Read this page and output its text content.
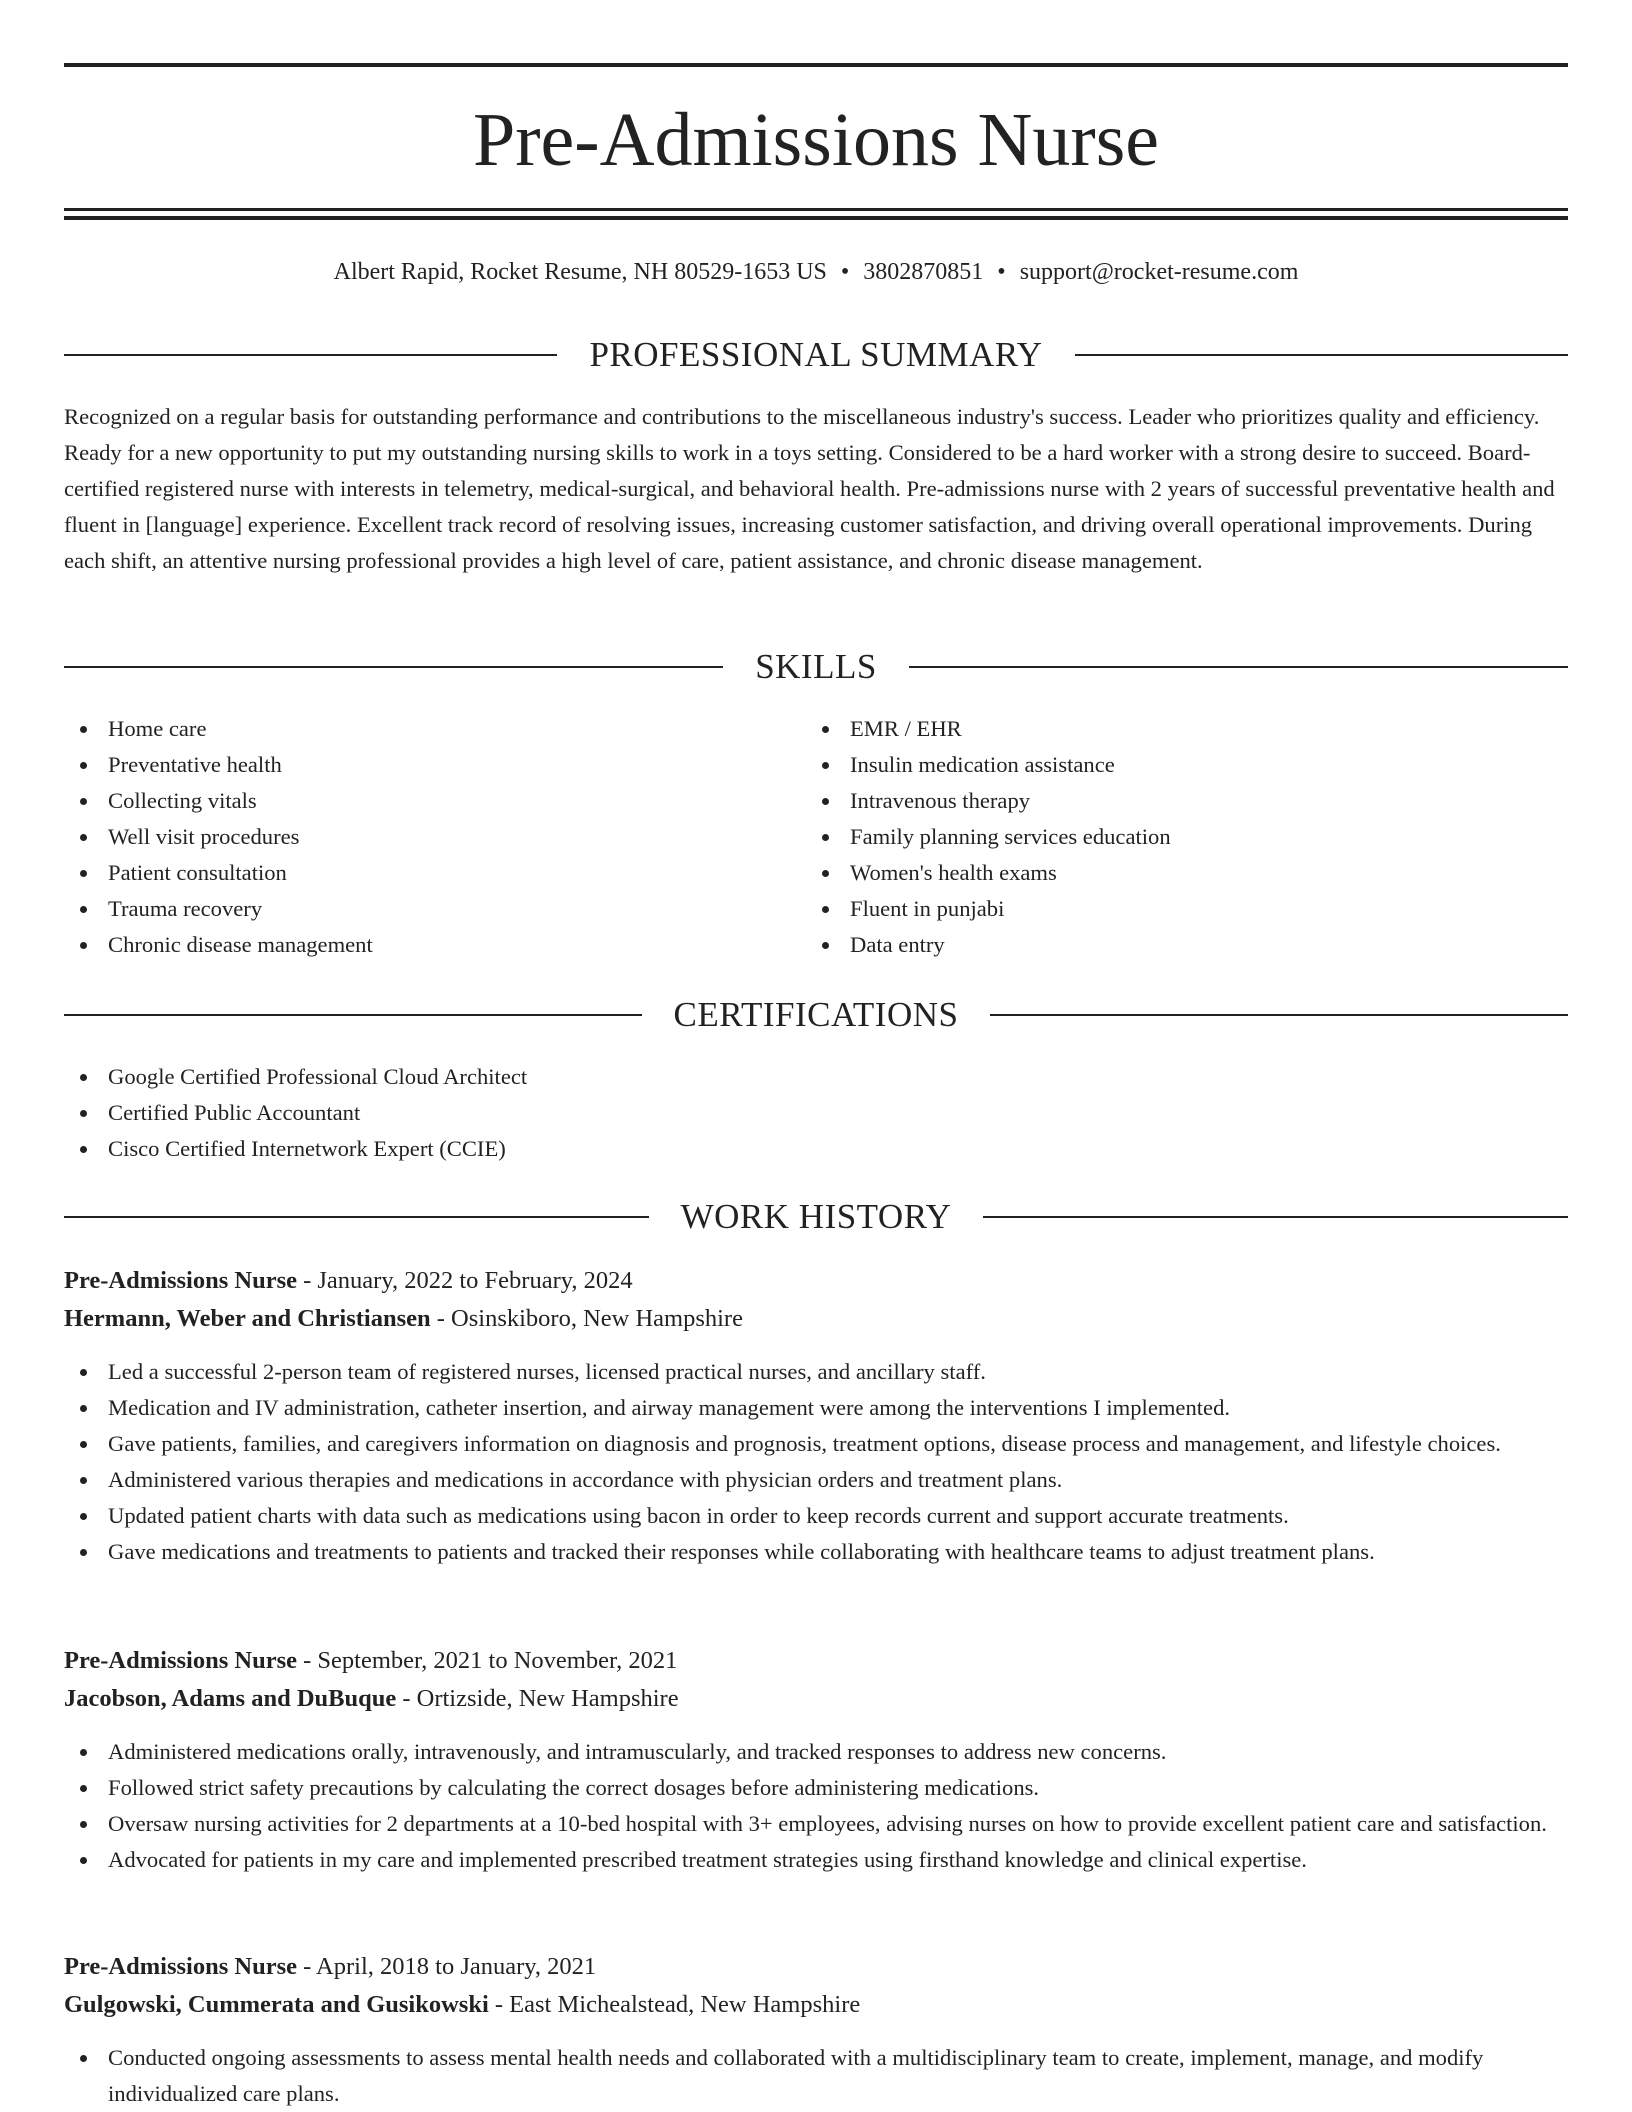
Pre-Admissions Nurse
Albert Rapid, Rocket Resume, NH 80529-1653 US • 3802870851 • support@rocket-resume.com
PROFESSIONAL SUMMARY

Recognized on a regular basis for outstanding performance and contributions to the miscellaneous industry's success. Leader who prioritizes quality and efficiency. Ready for a new opportunity to put my outstanding nursing skills to work in a toys setting. Considered to be a hard worker with a strong desire to succeed. Board-certified registered nurse with interests in telemetry, medical-surgical, and behavioral health. Pre-admissions nurse with 2 years of successful preventative health and fluent in [language] experience. Excellent track record of resolving issues, increasing customer satisfaction, and driving overall operational improvements. During each shift, an attentive nursing professional provides a high level of care, patient assistance, and chronic disease management.

SKILLS
Home care
Preventative health
Collecting vitals
Well visit procedures
Patient consultation
Trauma recovery
Chronic disease management
EMR / EHR
Insulin medication assistance
Intravenous therapy
Family planning services education
Women's health exams
Fluent in punjabi
Data entry
CERTIFICATIONS
Google Certified Professional Cloud Architect
Certified Public Accountant
Cisco Certified Internetwork Expert (CCIE)
WORK HISTORY
Pre-Admissions Nurse - January, 2022 to February, 2024
Hermann, Weber and Christiansen - Osinskiboro, New Hampshire
Led a successful 2-person team of registered nurses, licensed practical nurses, and ancillary staff.
Medication and IV administration, catheter insertion, and airway management were among the interventions I implemented.
Gave patients, families, and caregivers information on diagnosis and prognosis, treatment options, disease process and management, and lifestyle choices.
Administered various therapies and medications in accordance with physician orders and treatment plans.
Updated patient charts with data such as medications using bacon in order to keep records current and support accurate treatments.
Gave medications and treatments to patients and tracked their responses while collaborating with healthcare teams to adjust treatment plans.
Pre-Admissions Nurse - September, 2021 to November, 2021
Jacobson, Adams and DuBuque - Ortizside, New Hampshire
Administered medications orally, intravenously, and intramuscularly, and tracked responses to address new concerns.
Followed strict safety precautions by calculating the correct dosages before administering medications.
Oversaw nursing activities for 2 departments at a 10-bed hospital with 3+ employees, advising nurses on how to provide excellent patient care and satisfaction.
Advocated for patients in my care and implemented prescribed treatment strategies using firsthand knowledge and clinical expertise.
Pre-Admissions Nurse - April, 2018 to January, 2021
Gulgowski, Cummerata and Gusikowski - East Michealstead, New Hampshire
Conducted ongoing assessments to assess mental health needs and collaborated with a multidisciplinary team to create, implement, manage, and modify individualized care plans.
